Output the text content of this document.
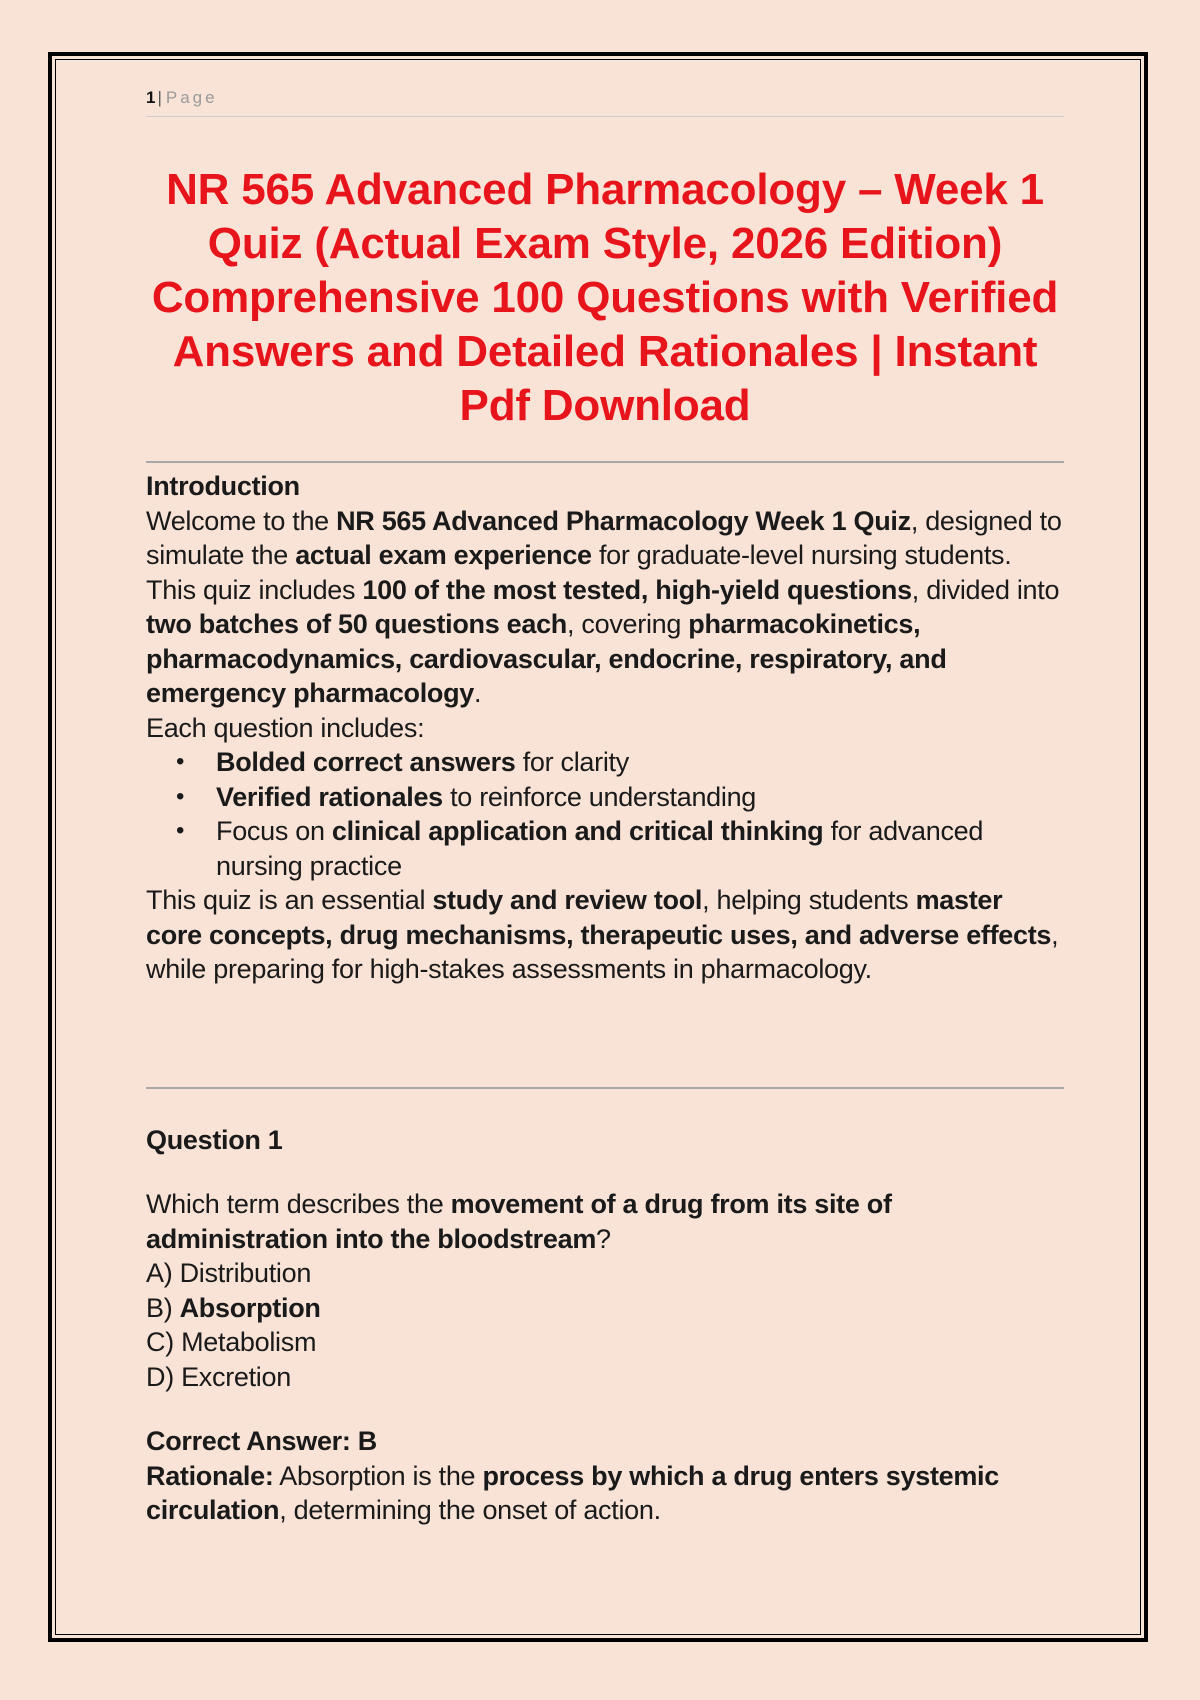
1 | Page
NR 565 Advanced Pharmacology – Week 1 Quiz (Actual Exam Style, 2026 Edition) Comprehensive 100 Questions with Verified Answers and Detailed Rationales | Instant Pdf Download
Introduction
Welcome to the NR 565 Advanced Pharmacology Week 1 Quiz, designed to simulate the actual exam experience for graduate-level nursing students. This quiz includes 100 of the most tested, high-yield questions, divided into two batches of 50 questions each, covering pharmacokinetics, pharmacodynamics, cardiovascular, endocrine, respiratory, and emergency pharmacology.
Each question includes:
• Bolded correct answers for clarity
• Verified rationales to reinforce understanding
• Focus on clinical application and critical thinking for advanced nursing practice
This quiz is an essential study and review tool, helping students master core concepts, drug mechanisms, therapeutic uses, and adverse effects, while preparing for high-stakes assessments in pharmacology.
Question 1
Which term describes the movement of a drug from its site of administration into the bloodstream?
A) Distribution
B) Absorption
C) Metabolism
D) Excretion
Correct Answer: B
Rationale: Absorption is the process by which a drug enters systemic circulation, determining the onset of action.
